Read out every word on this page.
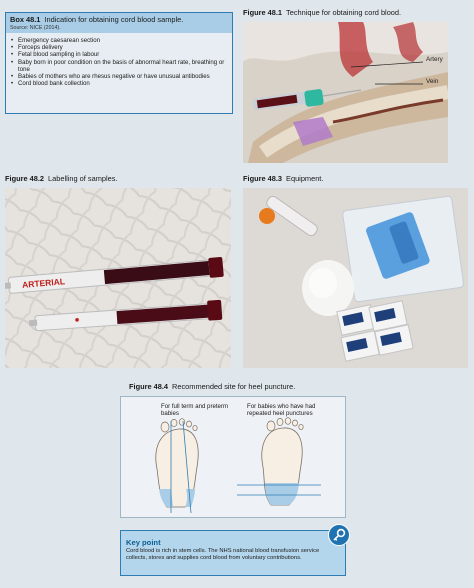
Box 48.1 Indication for obtaining cord blood sample.
Source: NICE (2014).
• Emergency caesarean section
• Forceps delivery
• Fetal blood sampling in labour
• Baby born in poor condition on the basis of abnormal heart rate, breathing or tone
• Babies of mothers who are rhesus negative or have unusual antibodies
• Cord blood bank collection
Figure 48.1 Technique for obtaining cord blood.
Artery
Vein
Figure 48.2 Labelling of samples.
ARTERIAL
Figure 48.3 Equipment.
Figure 48.4 Recommended site for heel puncture.
For full term and preterm babies
For babies who have had repeated heel punctures
Key point
Cord blood is rich in stem cells. The NHS national blood transfusion service collects, stores and supplies cord blood from voluntary contributions.
